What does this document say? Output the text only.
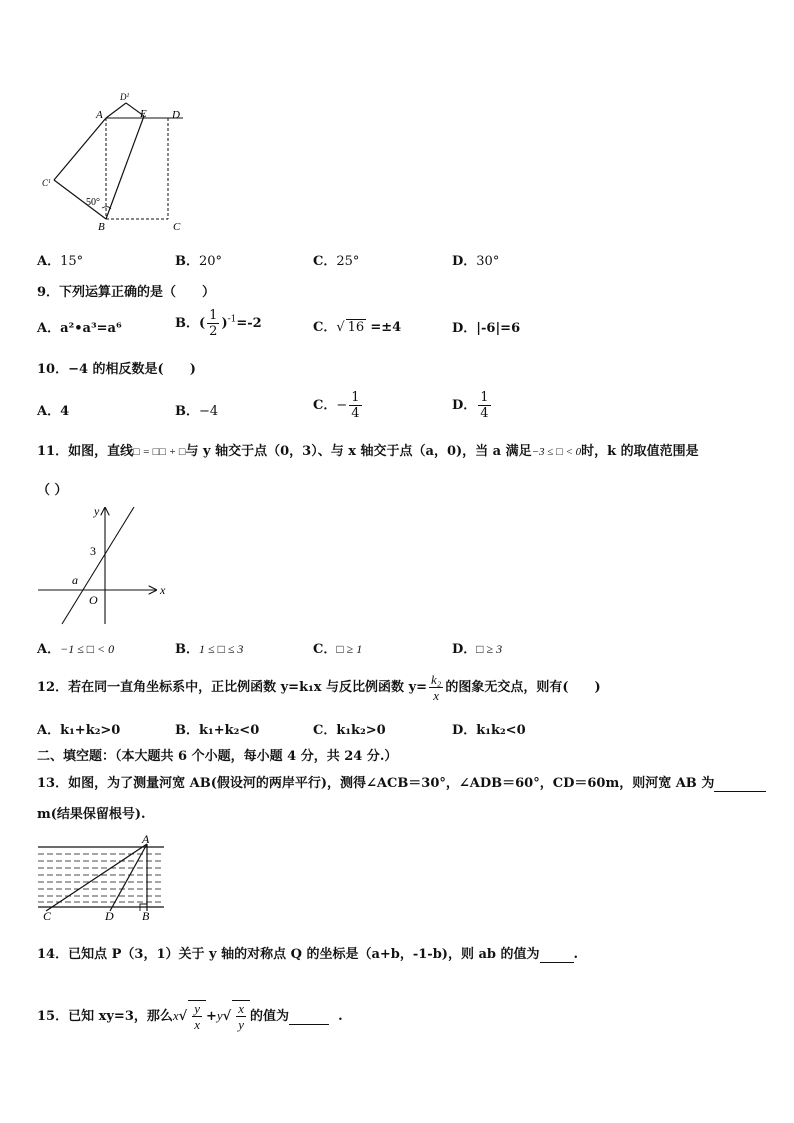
$D^1$
A	E D
$C^1$
B	C
50°
A．15°	B．20°	C．25°	D．30°
9．下列运算正确的是（　　）
A．a²•a³=a⁶	B．( $\frac{1}{2} )^{-1}=-2$	C．√ 16 =±4	D．|-6|=6
10．−4 的相反数是(　　)
A．4	B．−4	C．− $\frac{1}{4}$	D． $\frac{1}{4}$
11．如图，直线□ = □□ + □与 y 轴交于点（0，3）、与 x 轴交于点（a，0)，当 a 满足−3 ≤ □ < 0时，k 的取值范围是
（ ）
y
x
3
a
O
A．−1 ≤ □ < 0	B．1 ≤ □ ≤ 3	C．□ ≥ 1	D．□ ≥ 3
12．若在同一直角坐标系中，正比例函数 y=k₁x 与反比例函数 $y= \frac{\text{k₂}}{x}$ 的图象无交点，则有(　　)
A．k₁+k₂>0	B．k₁+k₂<0	C．k₁k₂>0	D．k₁k₂<0
二、填空题：（本大题共 6 个小题，每小题 4 分，共 24 分.）
13．如图，为了测量河宽 AB(假设河的两岸平行)，测得∠ACB＝30°，∠ADB＝60°，CD＝60m，则河宽 AB 为
m(结果保留根号).
A
C	D B
14．已知点 P（3，1）关于 y 轴的对称点 Q 的坐标是（a+b，-1-b)，则 ab 的值为	.
15．已知 xy=3，那么$x√ \frac{y}{x} +y√ \frac{x}{y}$ 的值为	.
